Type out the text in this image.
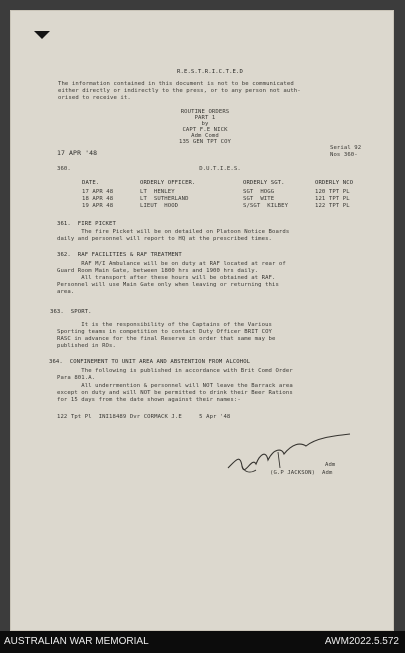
R.E.S.T.R.I.C.T.E.D
The information contained in this document is not to be communicated
either directly or indirectly to the press, or to any person not auth-
orised to receive it.
ROUTINE ORDERS
PART 1
by
CAPT F.E NICK
Adm Comd
135 GEN TPT COY
17 APR '48
Serial 92
Nos 360-
360.	D.U.T.I.E.S.
DATE.	ORDERLY OFFICER.	ORDERLY SGT.	ORDERLY NCO
17 APR 48	LT  HENLEY	SGT  HOGG	120 TPT PL
18 APR 48	LT  SUTHERLAND	SGT  WITE	121 TPT PL
19 APR 48	LIEUT  HOOD	S/SGT  KILBEY	122 TPT PL
361.  FIRE PICKET
The fire Picket will be on detailed on Platoon Notice Boards
daily and personnel will report to HQ at the prescribed times.
362.  RAF FACILITIES & RAF TREATMENT
RAF M/I Ambulance will be on duty at RAF located at rear of
Guard Room Main Gate, between 1800 hrs and 1900 hrs daily.
All transport after these hours will be obtained at RAF.
Personnel will use Main Gate only when leaving or returning this
area.
363.  SPORT.
It is the responsibility of the Captains of the Various
Sporting teams in competition to contact Duty Officer BRIT COY
RASC in advance for the final Reserve in order that same may be
published in ROs.
364.  CONFINEMENT TO UNIT AREA AND ABSTENTION FROM ALCOHOL
The following is published in accordance with Brit Comd Order
Para 801.A.
All underrmention & personnel will NOT leave the Barrack area
except on duty and will NOT be permitted to drink their Beer Rations
for 15 days from the date shown against their names:-
122 Tpt Pl  INI18489 Dvr CORMACK J.E     5 Apr '48
Adm
(G.P JACKSON)  Adm
AUSTRALIAN WAR MEMORIAL	AWM2022.5.572
